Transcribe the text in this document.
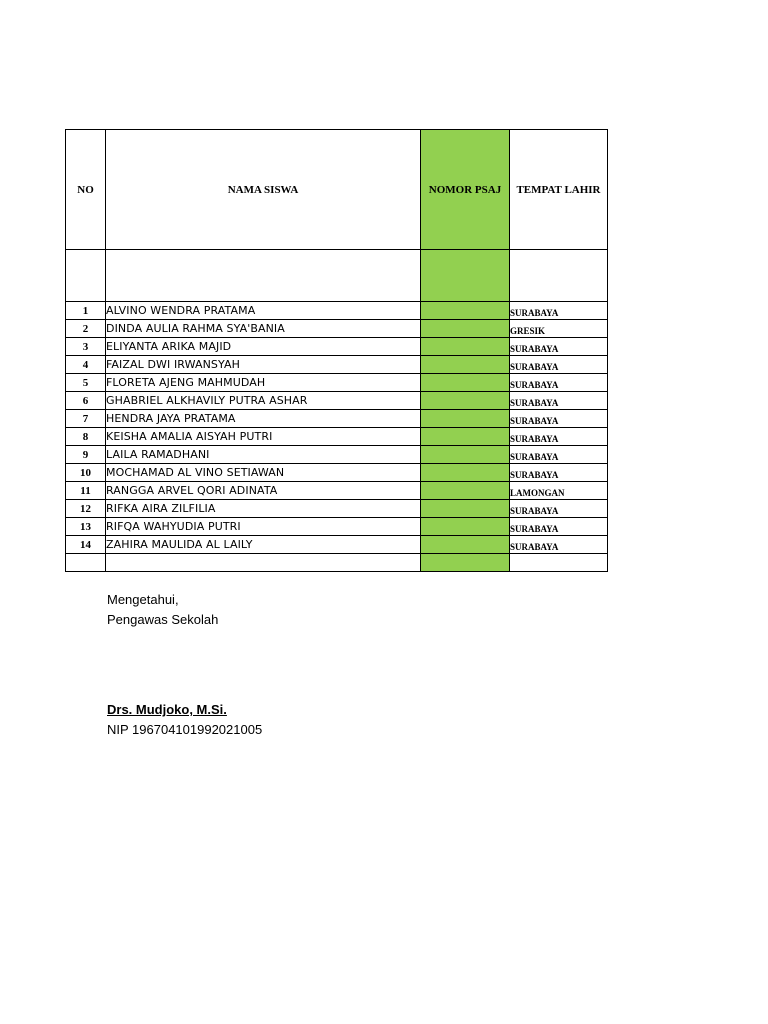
NO	NAMA SISWA	NOMOR PSAJ	TEMPAT LAHIR

1	ALVINO WENDRA PRATAMA		SURABAYA
2	DINDA AULIA RAHMA SYA'BANIA		GRESIK
3	ELIYANTA ARIKA MAJID		SURABAYA
4	FAIZAL DWI IRWANSYAH		SURABAYA
5	FLORETA AJENG MAHMUDAH		SURABAYA
6	GHABRIEL ALKHAVILY PUTRA ASHAR		SURABAYA
7	HENDRA JAYA PRATAMA		SURABAYA
8	KEISHA AMALIA AISYAH PUTRI		SURABAYA
9	LAILA RAMADHANI		SURABAYA
10	MOCHAMAD AL VINO SETIAWAN		SURABAYA
11	RANGGA ARVEL QORI ADINATA		LAMONGAN
12	RIFKA AIRA ZILFILIA		SURABAYA
13	RIFQA WAHYUDIA PUTRI		SURABAYA
14	ZAHIRA MAULIDA AL LAILY		SURABAYA

Mengetahui,
Pengawas Sekolah
Drs. Mudjoko, M.Si.
NIP 196704101992021005
